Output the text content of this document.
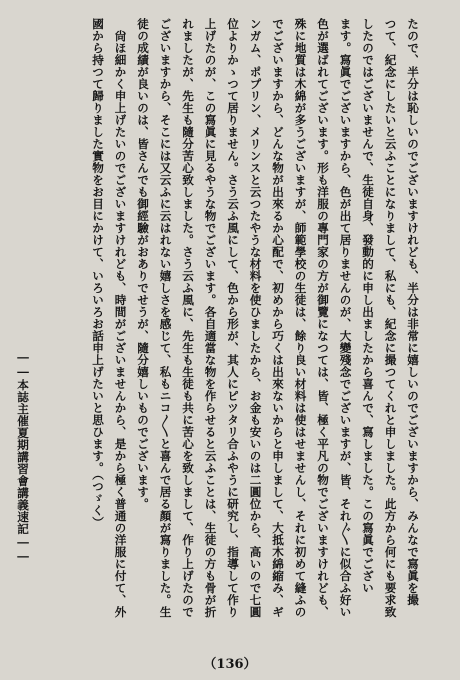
たので、半分は恥しいのでございますけれども、半分は非常に嬉しいのでございますから、みんなで寫眞を撮
つて、紀念にしたいと云ふことになりまして、私にも、紀念に撮つてくれと申しました。此方から何にも要求致
したのではございませんで、生徒自身、發動的に申し出ましたから喜んで、寫しました。この寫眞でござい
ます。寫眞でございますから、色が出て居りませんのが、大變殘念でございますが、皆、それ〴〵に似合ふ好い
色が選ばれてございます。形も洋服の專門家の方が御覽になつては、皆、極く平凡の物でございますけれども、
殊に地質は木綿が多うございますが、師範學校の生徒は、餘り良い材料は使はせませんし、それに初めて縫ふの
でございますから、どんな物が出來るか心配で、初めから巧くは出來ないからと申しまして、大抵木綿縮み、ギ
ンガム、ポプリン、メリンスと云つたやうな材料を使ひましたから、お金も安いのは二圓位から、高いので七圓
位よりかゝつて居りません。さう云ふ風にして、色から形が、其人にピツタリ合ふやうに研究し、指導して作り
上げたのが、この寫眞に見るやうな物でございます。各自適當な物を作らせると云ふことは、生徒の方も骨が折
れましたが、先生も隨分苦心致しました。さう云ふ風に、先生も生徒も共に苦心を致しまして、作り上げたので
ございますから、そこには又云ふに云はれない嬉しさを感じて、私もニコ〳〵と喜んで居る顏が寫りました。生
徒の成績が良いのは、皆さんでも御經驗がおありでせうが、隨分嬉しいものでございます。
尙ほ細かく申上げたいのでございますけれども、時間がございませんから、是から極く普通の洋服に付て、外
國から持つて歸りました實物をお目にかけて、いろいろお話申上げたいと思ひます。（つゞく）
――本誌主催夏期講習會講義速記――
（136）
